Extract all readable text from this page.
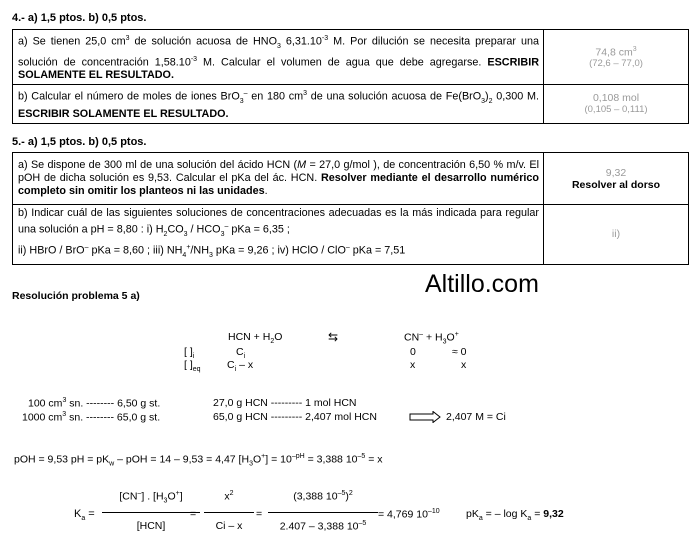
4.- a) 1,5 ptos. b) 0,5 ptos.
a) Se tienen 25,0 $cm^3$ de solución acuosa de $HNO_3$ $6,31.10^{-3}$ M. Por dilución se necesita preparar una solución de concentración $1,58.10^{-3}$ M. Calcular el volumen de agua que debe agregarse. ESCRIBIR SOLAMENTE EL RESULTADO.	74,8 $cm^3$
(72,6 – 77,0)

b) Calcular el número de moles de iones BrO$_3$– en 180 $cm^3$ de una solución acuosa de $Fe(BrO_3)_2$ 0,300 M. ESCRIBIR SOLAMENTE EL RESULTADO.	0,108 mol
(0,105 – 0,111)
5.- a) 1,5 ptos. b) 0,5 ptos.
a) Se dispone de 300 ml de una solución del ácido HCN (M = 27,0 g/mol ), de concentración 6,50 % m/v. El pOH de dicha solución es 9,53. Calcular el pKa del ác. HCN. Resolver mediante el desarrollo numérico completo sin omitir los planteos ni las unidades.	9,32
Resolver al dorso

b) Indicar cuál de las siguientes soluciones de concentraciones adecuadas es la más indicada para regular una solución a pH = 8,80 : i) $H_2CO_3 / HCO_3^-$ pKa = 6,35 ;
ii) HBrO / BrO– pKa = 8,60 ; iii) $NH_4^+/NH_3$ pKa = 9,26 ; iv) HClO / ClO– pKa = 7,51	ii)
Altillo.com
Resolución problema 5 a)
HCN + $H_2O$	⇆	$CN^- + H_3O^+$
[ ]$_i$	$C_i$	0	≈ 0
[ ]$_{eq}$	$C_i$ – x	x	x
100 $cm^3$ sn. -------- 6,50 g st.	27,0 g HCN --------- 1 mol HCN
1000 $cm^3$ sn. -------- 65,0 g st.	65,0 g HCN --------- 2,407 mol HCN	2,407 M = Ci
pOH = 9,53 pH = $pK_w$ – pOH = 14 – 9,53 = 4,47 $[H_3O^+] = 10^{-pH} = 3,388$ $10^{-5} = x$
$K_a$ =
[CN–] . $[H_3O^+]$
[HCN]
=
$x^2$
Ci – x
=
(3,388 $10^{-5})^2$
2.407 – 3,388 $10^{-5}$
= 4,769 $10^{-10}$	$pK_a$ = – $\log K_a = 9,32$
